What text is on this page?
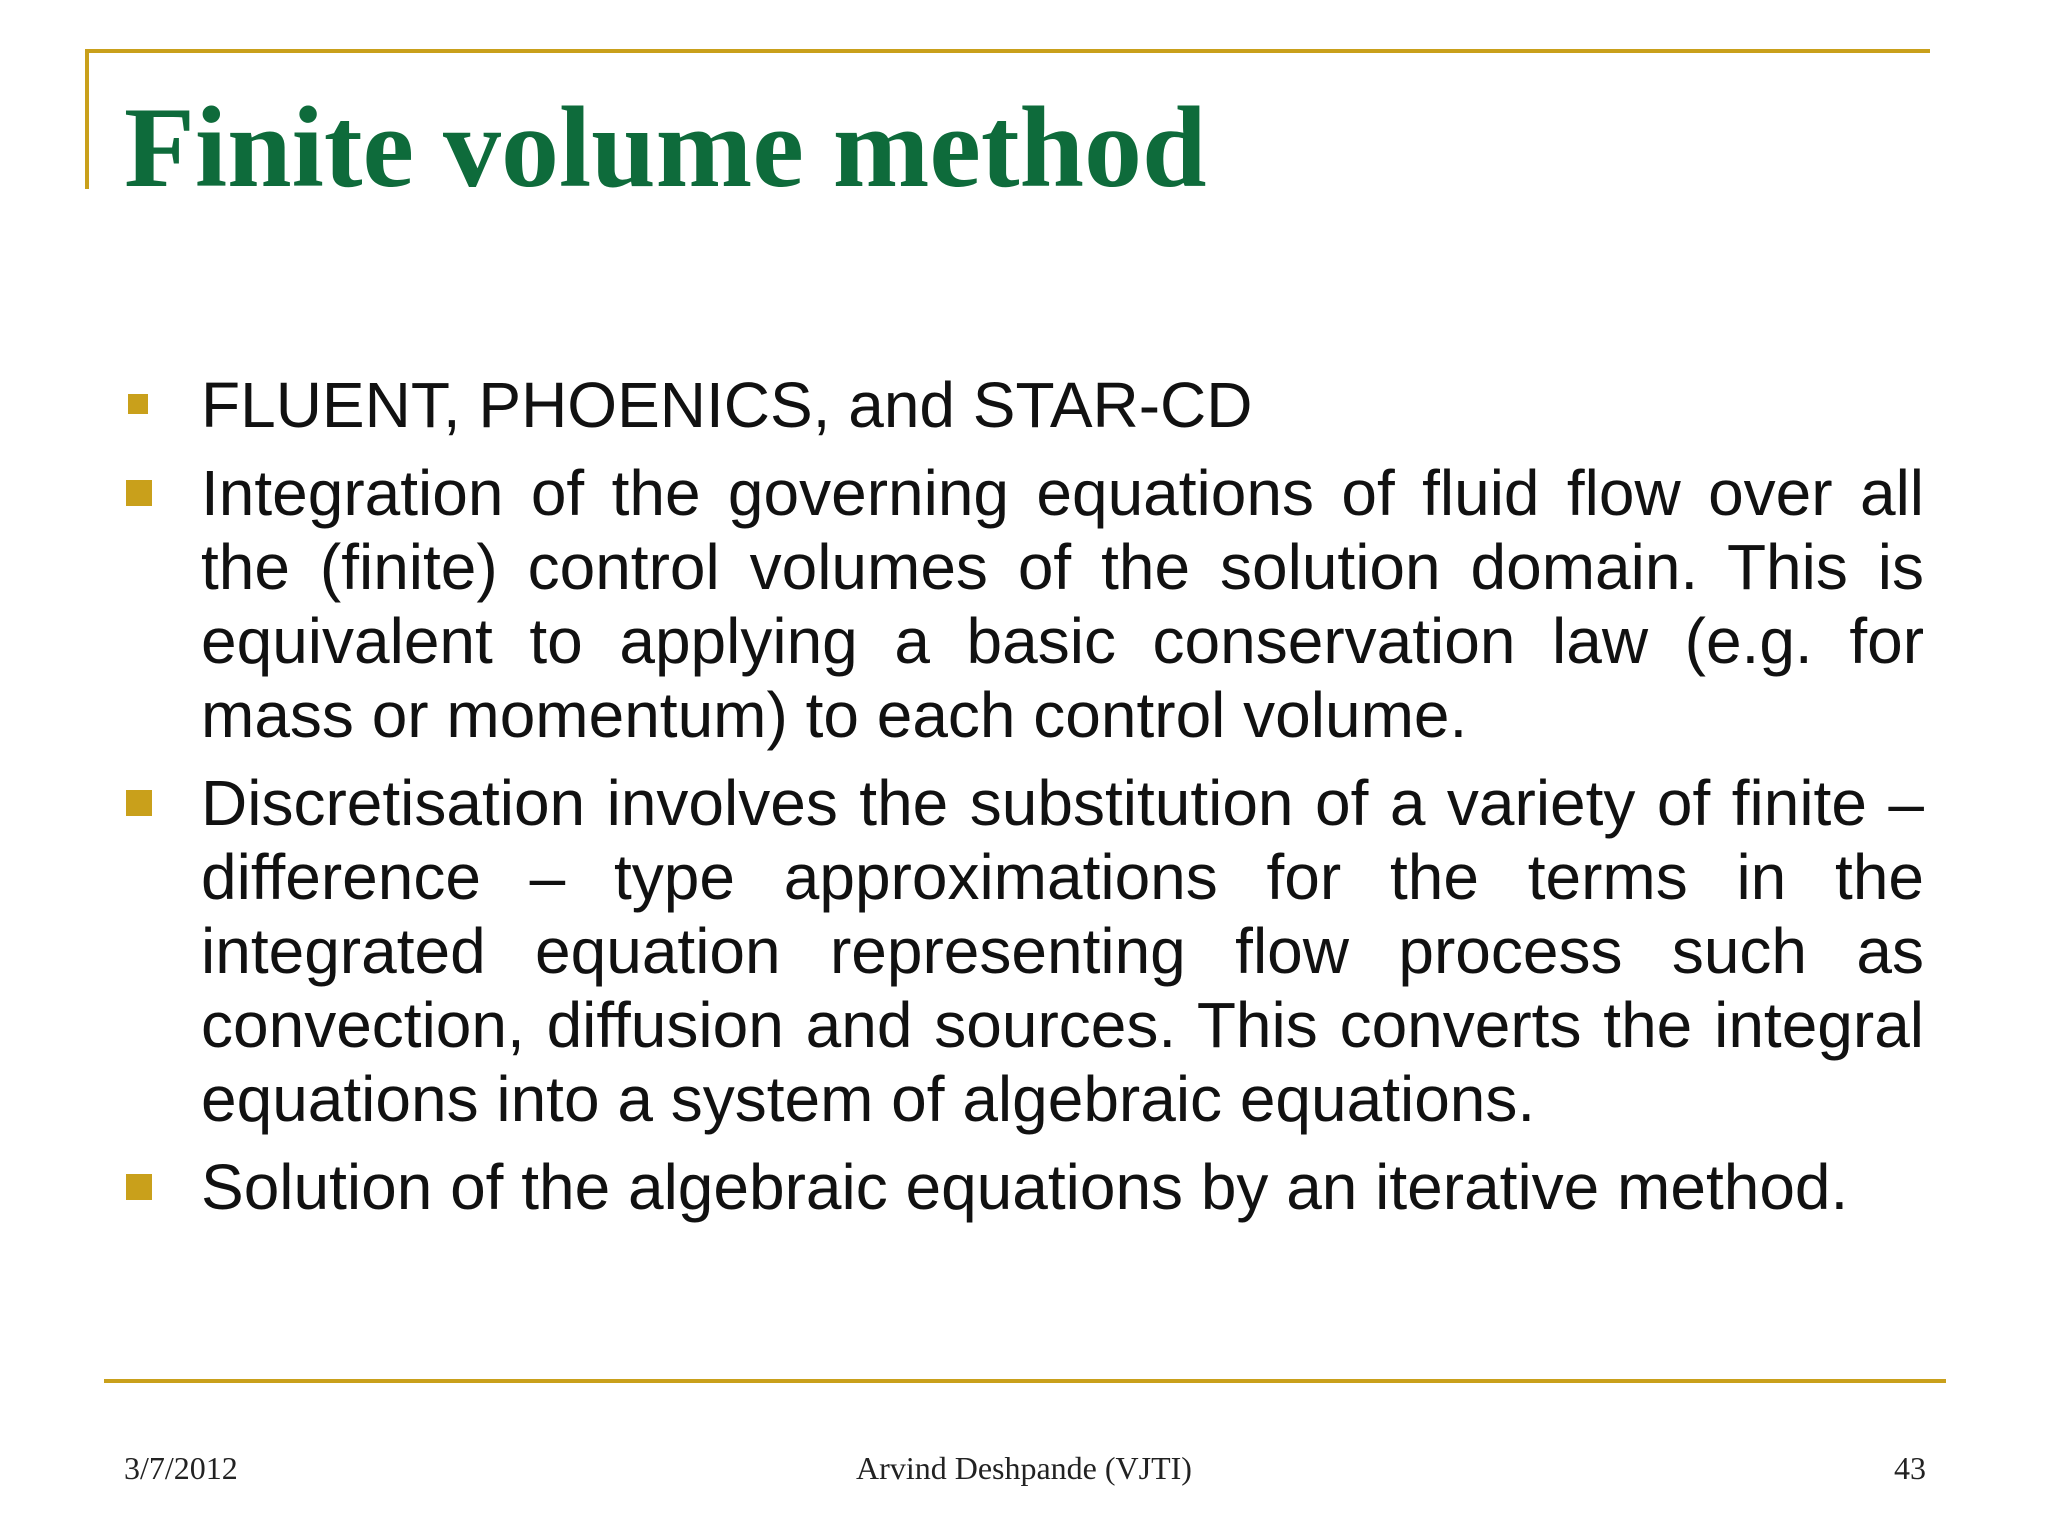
Finite volume method
FLUENT, PHOENICS, and STAR-CD
Integration of the governing equations of fluid flow over all the (finite) control volumes of the solution domain. This is equivalent to applying a basic conservation law (e.g. for mass or momentum) to each control volume.
Discretisation involves the substitution of a variety of finite – difference – type approximations for the terms in the integrated equation representing flow process such as convection, diffusion and sources. This converts the integral equations into a system of algebraic equations.
Solution of the algebraic equations by an iterative method.
3/7/2012	Arvind Deshpande (VJTI)	43
